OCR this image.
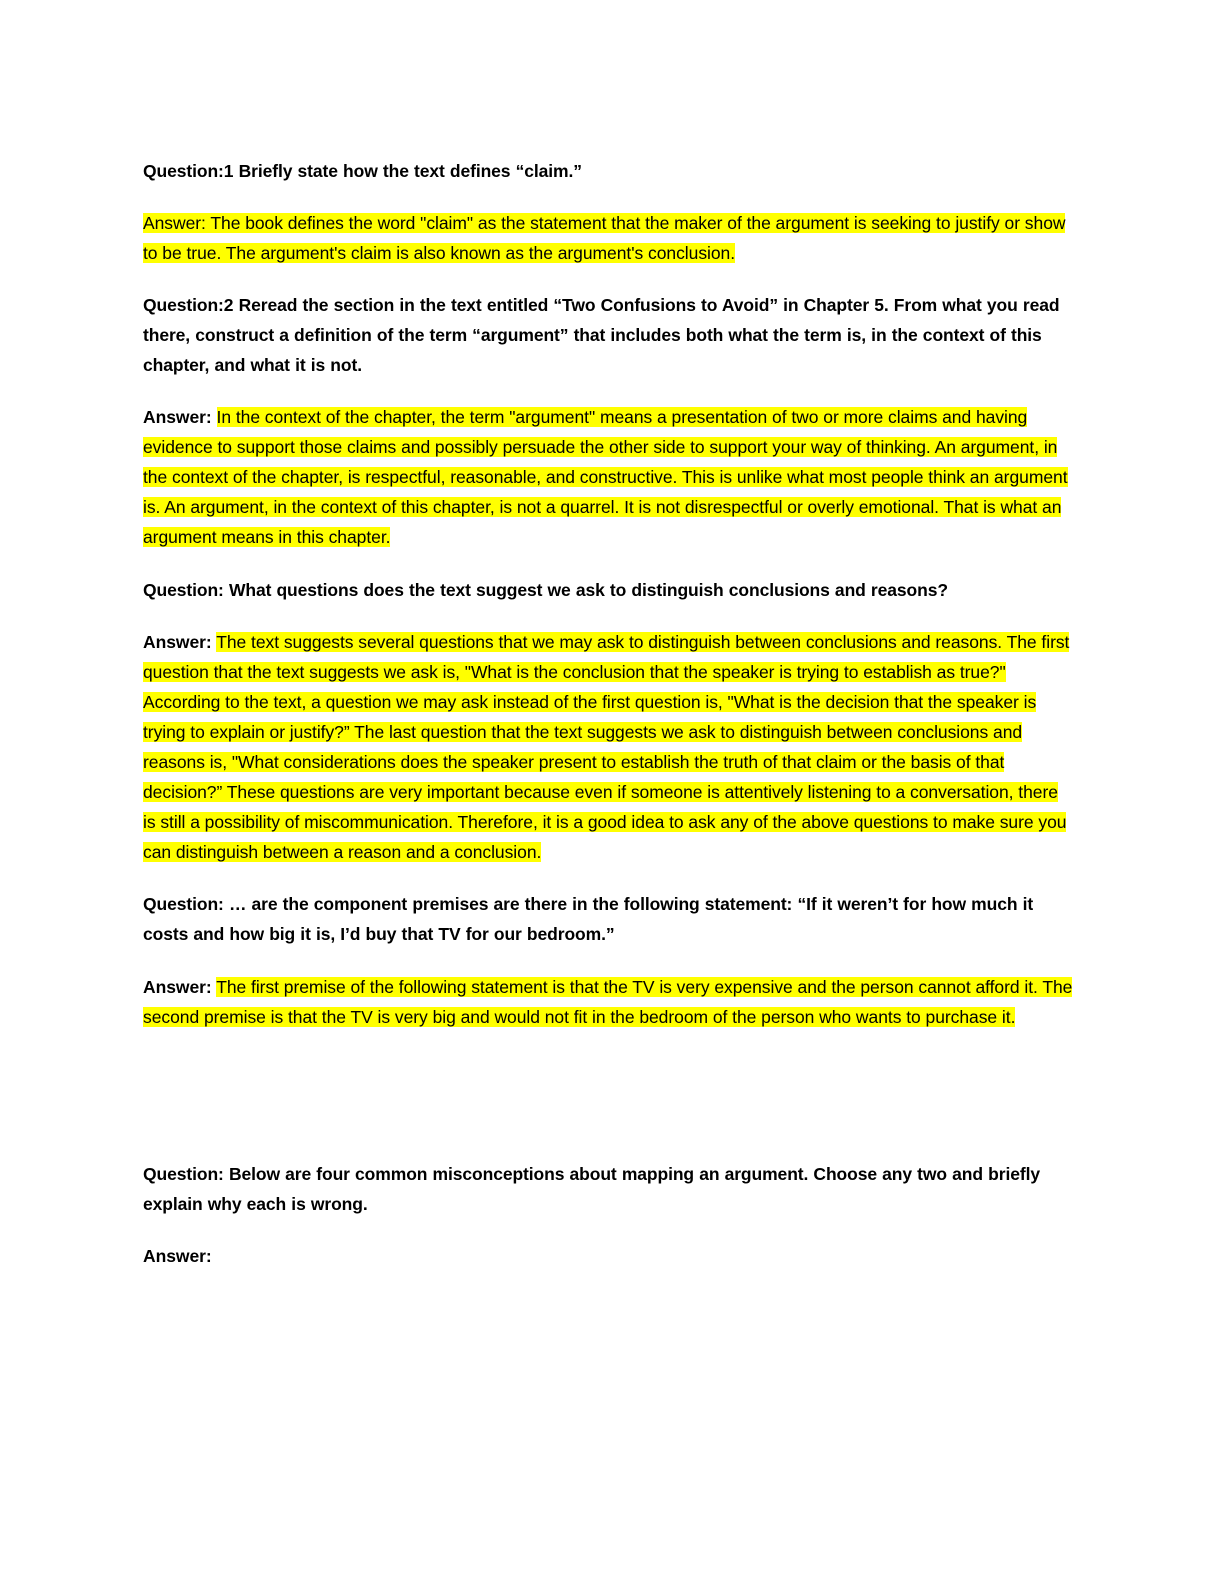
Question:1 Briefly state how the text defines “claim.”

Answer: The book defines the word "claim" as the statement that the maker of the argument is seeking to justify or show to be true. The argument's claim is also known as the argument's conclusion.

Question:2 Reread the section in the text entitled “Two Confusions to Avoid” in Chapter 5. From what you read there, construct a definition of the term “argument” that includes both what the term is, in the context of this chapter, and what it is not.

Answer: In the context of the chapter, the term "argument" means a presentation of two or more claims and having evidence to support those claims and possibly persuade the other side to support your way of thinking. An argument, in the context of the chapter, is respectful, reasonable, and constructive. This is unlike what most people think an argument is. An argument, in the context of this chapter, is not a quarrel. It is not disrespectful or overly emotional. That is what an argument means in this chapter.

Question: What questions does the text suggest we ask to distinguish conclusions and reasons?

Answer: The text suggests several questions that we may ask to distinguish between conclusions and reasons. The first question that the text suggests we ask is, "What is the conclusion that the speaker is trying to establish as true?" According to the text, a question we may ask instead of the first question is, "What is the decision that the speaker is trying to explain or justify?” The last question that the text suggests we ask to distinguish between conclusions and reasons is, "What considerations does the speaker present to establish the truth of that claim or the basis of that decision?” These questions are very important because even if someone is attentively listening to a conversation, there is still a possibility of miscommunication. Therefore, it is a good idea to ask any of the above questions to make sure you can distinguish between a reason and a conclusion.

Question: … are the component premises are there in the following statement: “If it weren’t for how much it costs and how big it is, I’d buy that TV for our bedroom.”

Answer: The first premise of the following statement is that the TV is very expensive and the person cannot afford it. The second premise is that the TV is very big and would not fit in the bedroom of the person who wants to purchase it.

Question: Below are four common misconceptions about mapping an argument. Choose any two and briefly explain why each is wrong.

Answer:
